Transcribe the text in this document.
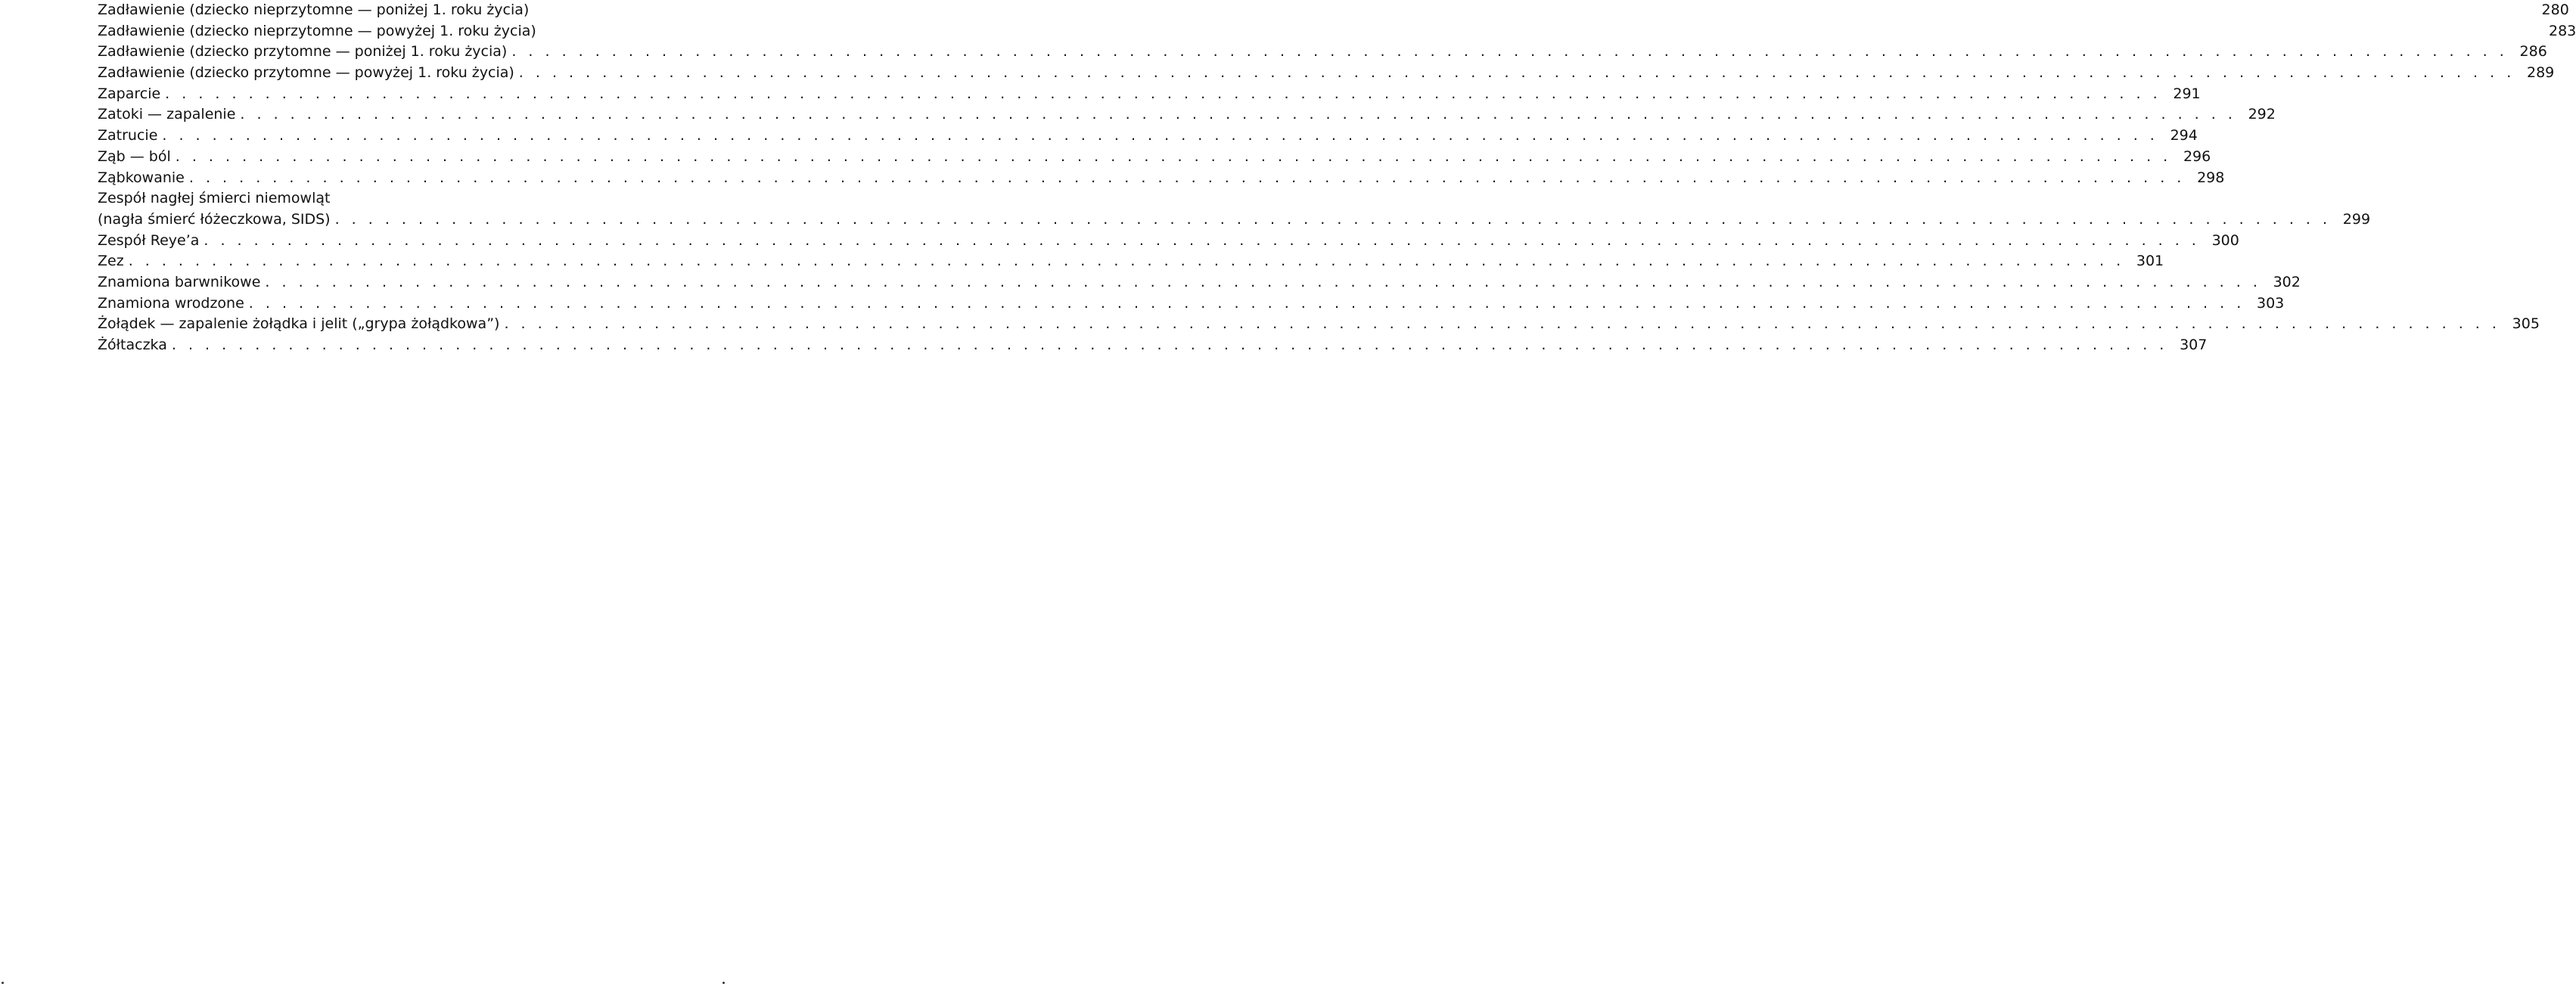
Zadławienie (dziecko nieprzytomne — poniżej 1. roku życia)	280
Zadławienie (dziecko nieprzytomne — powyżej 1. roku życia)	283
Zadławienie (dziecko przytomne — poniżej 1. roku życia) . . . . . . . . . . . . . . . . . . . . . . . . . . . . . . . . . . . . . . . . . . . . . . . . . . . . . . . . . . . . . . . . . . . . . . . . . . . . . . . . . . . . . . . . . . . . . . . . . . . . . . . . . . . . . . . . . . . . . . . . 286
Zadławienie (dziecko przytomne — powyżej 1. roku życia) . . . . . . . . . . . . . . . . . . . . . . . . . . . . . . . . . . . . . . . . . . . . . . . . . . . . . . . . . . . . . . . . . . . . . . . . . . . . . . . . . . . . . . . . . . . . . . . . . . . . . . . . . . . . . . . . . . . . . . . . 289
Zaparcie . . . . . . . . . . . . . . . . . . . . . . . . . . . . . . . . . . . . . . . . . . . . . . . . . . . . . . . . . . . . . . . . . . . . . . . . . . . . . . . . . . . . . . . . . . . . . . . . . . . . . . . . . . . . . . . . . . . . . . . . 291
Zatoki — zapalenie . . . . . . . . . . . . . . . . . . . . . . . . . . . . . . . . . . . . . . . . . . . . . . . . . . . . . . . . . . . . . . . . . . . . . . . . . . . . . . . . . . . . . . . . . . . . . . . . . . . . . . . . . . . . . . . . . . . . . . . . 292
Zatrucie . . . . . . . . . . . . . . . . . . . . . . . . . . . . . . . . . . . . . . . . . . . . . . . . . . . . . . . . . . . . . . . . . . . . . . . . . . . . . . . . . . . . . . . . . . . . . . . . . . . . . . . . . . . . . . . . . . . . . . . . 294
Ząb — ból . . . . . . . . . . . . . . . . . . . . . . . . . . . . . . . . . . . . . . . . . . . . . . . . . . . . . . . . . . . . . . . . . . . . . . . . . . . . . . . . . . . . . . . . . . . . . . . . . . . . . . . . . . . . . . . . . . . . . . . . 296
Ząbkowanie . . . . . . . . . . . . . . . . . . . . . . . . . . . . . . . . . . . . . . . . . . . . . . . . . . . . . . . . . . . . . . . . . . . . . . . . . . . . . . . . . . . . . . . . . . . . . . . . . . . . . . . . . . . . . . . . . . . . . . . . 298
Zespół nagłej śmierci niemowląt
(nagła śmierć łóżeczkowa, SIDS) . . . . . . . . . . . . . . . . . . . . . . . . . . . . . . . . . . . . . . . . . . . . . . . . . . . . . . . . . . . . . . . . . . . . . . . . . . . . . . . . . . . . . . . . . . . . . . . . . . . . . . . . . . . . . . . . . . . . . . . . 299
Zespół Reye’a . . . . . . . . . . . . . . . . . . . . . . . . . . . . . . . . . . . . . . . . . . . . . . . . . . . . . . . . . . . . . . . . . . . . . . . . . . . . . . . . . . . . . . . . . . . . . . . . . . . . . . . . . . . . . . . . . . . . . . . . 300
Zez . . . . . . . . . . . . . . . . . . . . . . . . . . . . . . . . . . . . . . . . . . . . . . . . . . . . . . . . . . . . . . . . . . . . . . . . . . . . . . . . . . . . . . . . . . . . . . . . . . . . . . . . . . . . . . . . . . . . . . . . 301
Znamiona barwnikowe . . . . . . . . . . . . . . . . . . . . . . . . . . . . . . . . . . . . . . . . . . . . . . . . . . . . . . . . . . . . . . . . . . . . . . . . . . . . . . . . . . . . . . . . . . . . . . . . . . . . . . . . . . . . . . . . . . . . . . . . 302
Znamiona wrodzone . . . . . . . . . . . . . . . . . . . . . . . . . . . . . . . . . . . . . . . . . . . . . . . . . . . . . . . . . . . . . . . . . . . . . . . . . . . . . . . . . . . . . . . . . . . . . . . . . . . . . . . . . . . . . . . . . . . . . . . . 303
Żołądek — zapalenie żołądka i jelit („grypa żołądkowa”) . . . . . . . . . . . . . . . . . . . . . . . . . . . . . . . . . . . . . . . . . . . . . . . . . . . . . . . . . . . . . . . . . . . . . . . . . . . . . . . . . . . . . . . . . . . . . . . . . . . . . . . . . . . . . . . . . . . . . . . . 305
Żółtaczka . . . . . . . . . . . . . . . . . . . . . . . . . . . . . . . . . . . . . . . . . . . . . . . . . . . . . . . . . . . . . . . . . . . . . . . . . . . . . . . . . . . . . . . . . . . . . . . . . . . . . . . . . . . . . . . . . . . . . . . . 307
